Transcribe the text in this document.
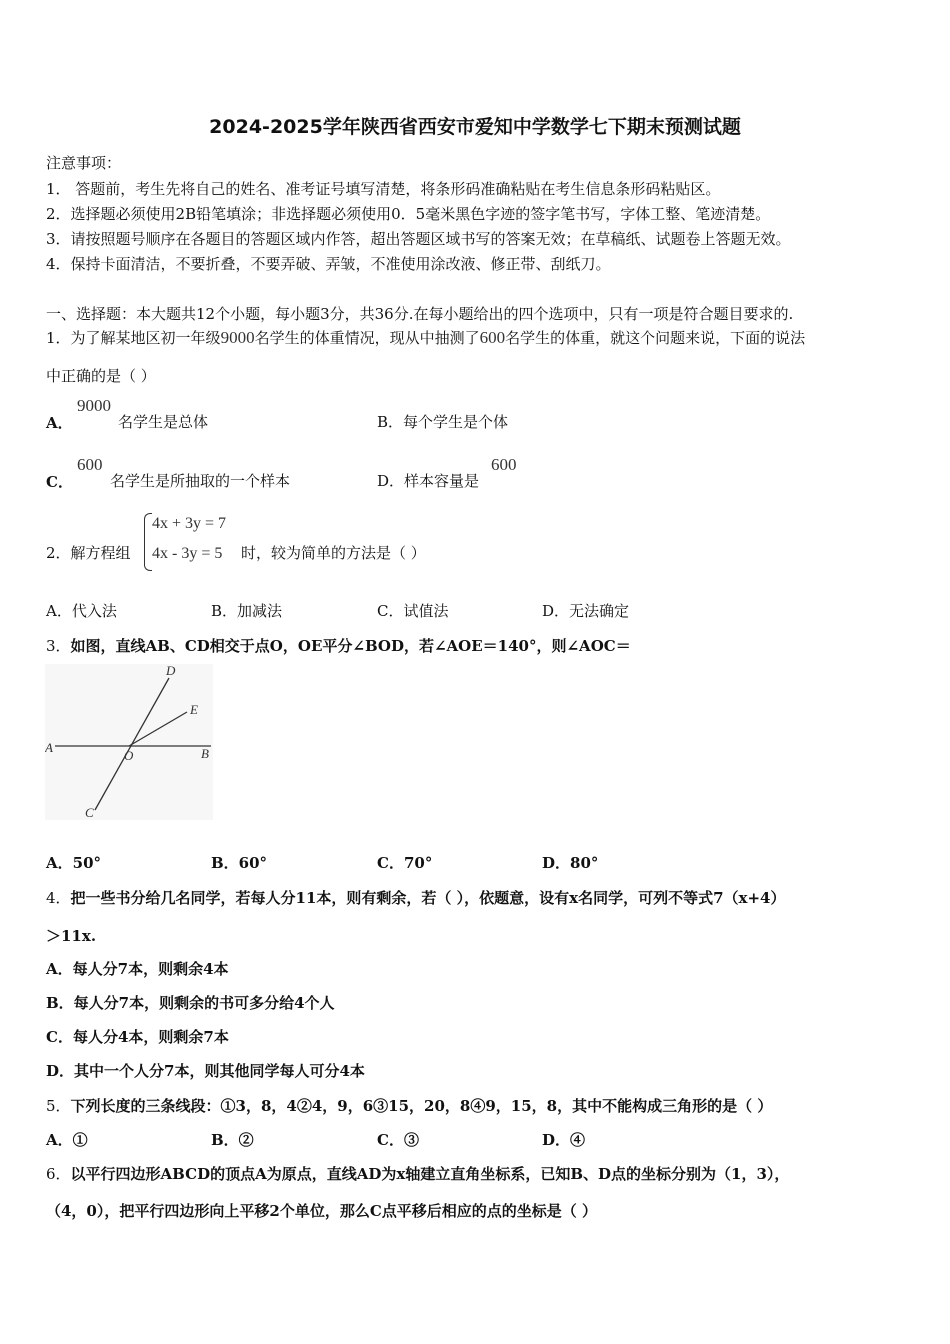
2024-2025学年陕西省西安市爱知中学数学七下期末预测试题
注意事项：
1． 答题前，考生先将自己的姓名、准考证号填写清楚，将条形码准确粘贴在考生信息条形码粘贴区。
2．选择题必须使用2B铅笔填涂；非选择题必须使用0．5毫米黑色字迹的签字笔书写，字体工整、笔迹清楚。
3．请按照题号顺序在各题目的答题区域内作答，超出答题区域书写的答案无效；在草稿纸、试题卷上答题无效。
4．保持卡面清洁，不要折叠，不要弄破、弄皱，不准使用涂改液、修正带、刮纸刀。
一、选择题：本大题共12个小题，每小题3分，共36分.在每小题给出的四个选项中，只有一项是符合题目要求的.
1．为了解某地区初一年级9000名学生的体重情况，现从中抽测了600名学生的体重，就这个问题来说，下面的说法
中正确的是（ ）
A．
9000
名学生是总体	B．每个学生是个体
C．
600
名学生是所抽取的一个样本	D．样本容量是
600
2．解方程组
4x + 3y = 7
4x - 3y = 5 时，较为简单的方法是（ ）
A．代入法	B．加减法	C．试值法	D．无法确定
3．如图，直线AB、CD相交于点O，OE平分∠BOD，若∠AOE＝140°，则∠AOC＝
A	B
C
D
E
O
A．50°	B．60°	C．70°	D．80°
4．把一些书分给几名同学，若每人分11本，则有剩余，若（ ），依题意，设有x名同学，可列不等式7（x+4）
＞11x.
A．每人分7本，则剩余4本
B．每人分7本，则剩余的书可多分给4个人
C．每人分4本，则剩余7本
D．其中一个人分7本，则其他同学每人可分4本
5．下列长度的三条线段：①3，8，4②4，9，6③15，20，8④9，15，8，其中不能构成三角形的是（ ）
A．①	B．②	C．③	D．④
6．以平行四边形ABCD的顶点A为原点，直线AD为x轴建立直角坐标系，已知B、D点的坐标分别为（1，3），
（4，0），把平行四边形向上平移2个单位，那么C点平移后相应的点的坐标是（ ）
